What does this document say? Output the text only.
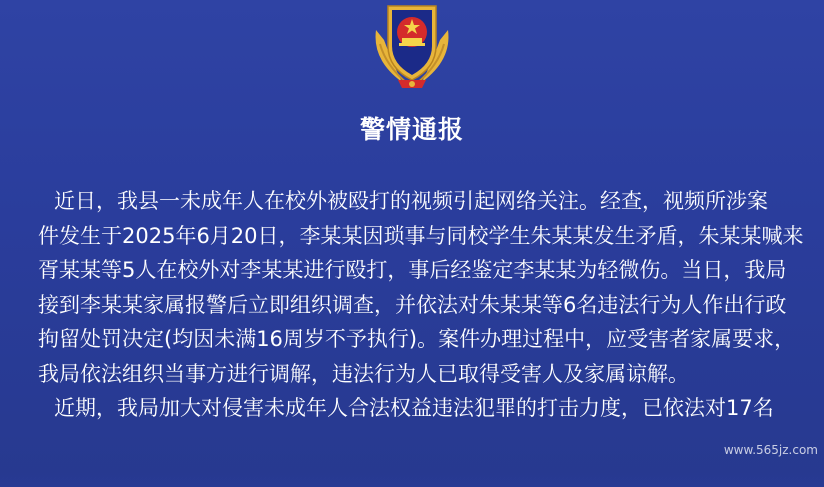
警情通报
近日，我县一未成年人在校外被殴打的视频引起网络关注。经查，视频所涉案
件发生于2025年6月20日，李某某因琐事与同校学生朱某某发生矛盾，朱某某喊来
胥某某等5人在校外对李某某进行殴打，事后经鉴定李某某为轻微伤。当日，我局
接到李某某家属报警后立即组织调查，并依法对朱某某等6名违法行为人作出行政
拘留处罚决定(均因未满16周岁不予执行)。案件办理过程中，应受害者家属要求，
我局依法组织当事方进行调解，违法行为人已取得受害人及家属谅解。
近期，我局加大对侵害未成年人合法权益违法犯罪的打击力度，已依法对17名
www.565jz.com
